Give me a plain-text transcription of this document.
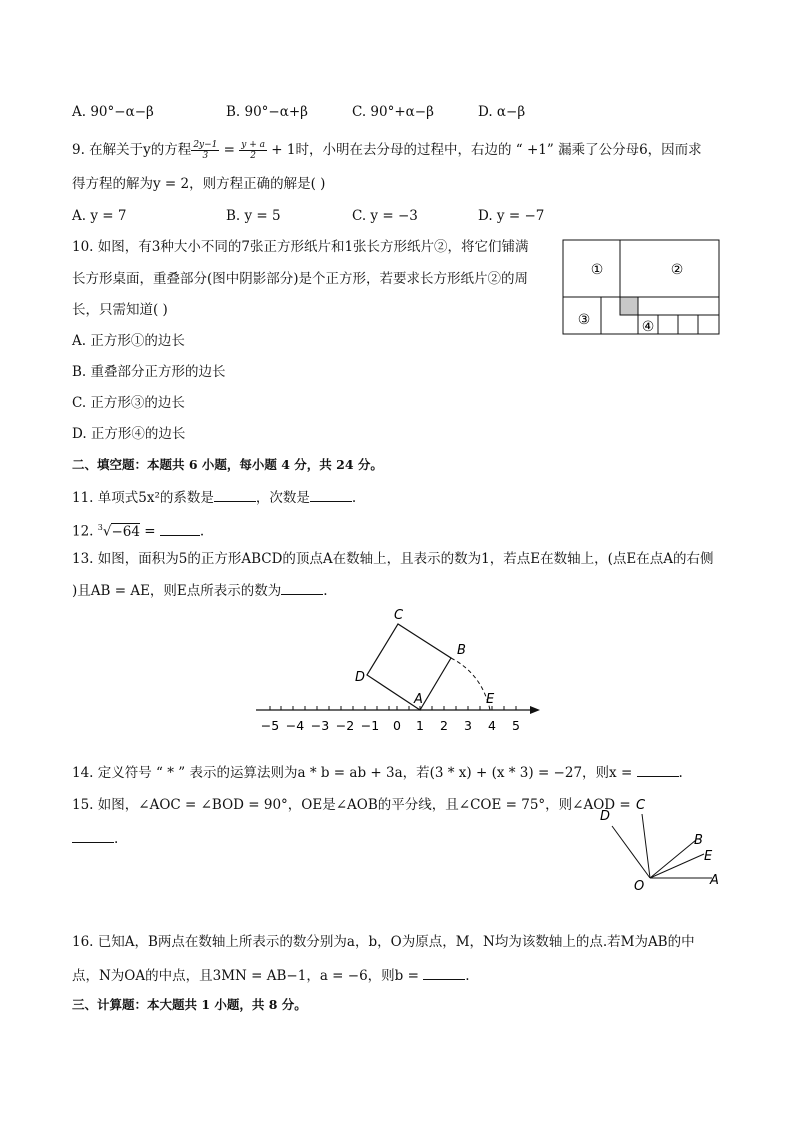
A. 90°−α−β	B. 90°−α+β	C. 90°+α−β	D. α−β
9. 在解关于y的方程 $\frac{2y-1}{3} = \frac{y + a}{2} + 1$时，小明在去分母的过程中，右边的 “ +1” 漏乘了公分母6，因而求
得方程的解为y = 2，则方程正确的解是( )
A. y = 7	B. y = 5	C. y = −3	D. y = −7
10. 如图，有3种大小不同的7张正方形纸片和1张长方形纸片②，将它们铺满
长方形桌面，重叠部分(图中阴影部分)是个正方形，若要求长方形纸片②的周
长，只需知道( )
A. 正方形①的边长
B. 重叠部分正方形的边长
C. 正方形③的边长
D. 正方形④的边长
①	②
③	④
二、填空题：本题共 6 小题，每小题 4 分，共 24 分。
11. 单项式5x²的系数是	，次数是	.
12. $^3$√−64 =	.
13. 如图，面积为5的正方形ABCD的顶点A在数轴上，且表示的数为1，若点E在数轴上，(点E在点A的右侧
)且AB = AE，则E点所表示的数为	.
−5 −4 −3 −2 −1 0 1 2 3 4 5
C
B
D
A	E
14. 定义符号 “ * ” 表示的运算法则为a * b = ab + 3a，若(3 * x) + (x * 3) = −27，则x =	.
15. 如图，∠AOC = ∠BOD = 90°，OE是∠AOB的平分线，且∠COE = 75°，则∠AOD =
.
C
D
B
E
O	A
16. 已知A，B两点在数轴上所表示的数分别为a，b，O为原点，M，N均为该数轴上的点.若M为AB的中
点，N为OA的中点，且3MN = AB−1，a = −6，则b =	.
三、计算题：本大题共 1 小题，共 8 分。
